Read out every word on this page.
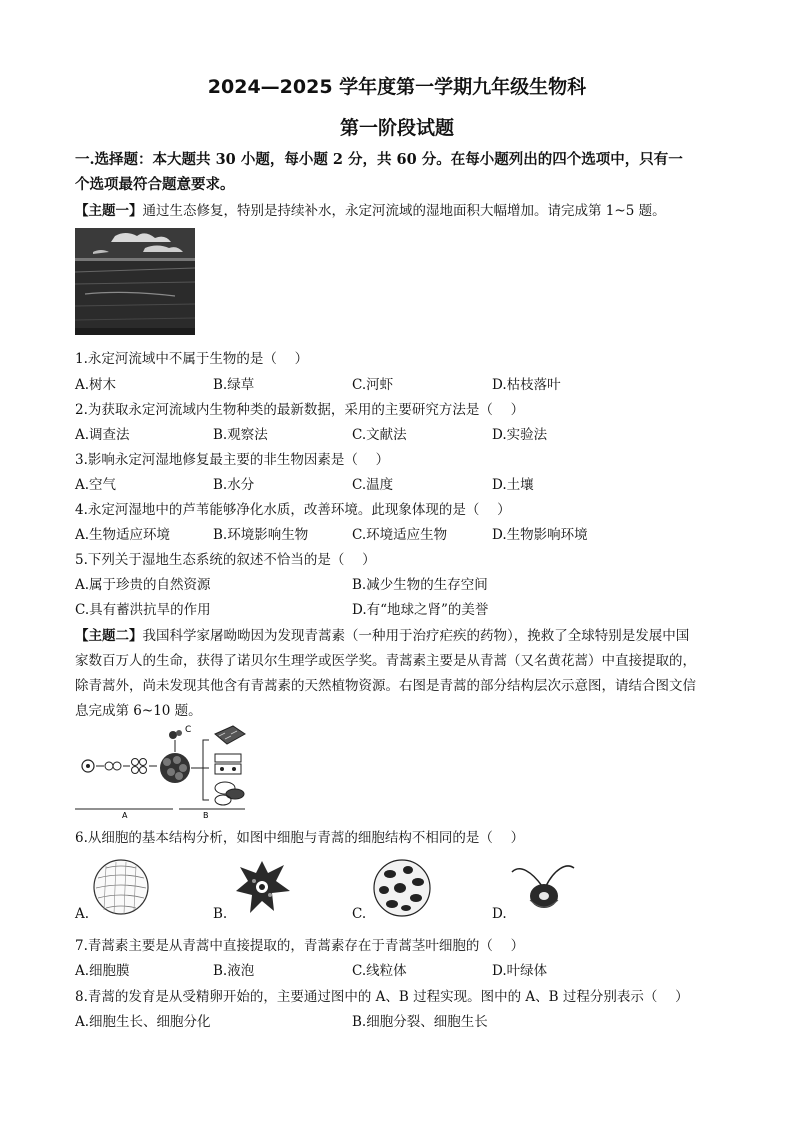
2024—2025 学年度第一学期九年级生物科
第一阶段试题
一.选择题：本大题共 30 小题，每小题 2 分，共 60 分。在每小题列出的四个选项中，只有一
个选项最符合题意要求。
【主题一】通过生态修复，特别是持续补水，永定河流域的湿地面积大幅增加。请完成第 1~5 题。
1.永定河流域中不属于生物的是（　 ）
A.树木	B.绿草	C.河虾	D.枯枝落叶
2.为获取永定河流域内生物种类的最新数据，采用的主要研究方法是（　 ）
A.调查法	B.观察法	C.文献法	D.实验法
3.影响永定河湿地修复最主要的非生物因素是（　 ）
A.空气	B.水分	C.温度	D.土壤
4.永定河湿地中的芦苇能够净化水质，改善环境。此现象体现的是（　 ）
A.生物适应环境	B.环境影响生物	C.环境适应生物	D.生物影响环境
5.下列关于湿地生态系统的叙述不恰当的是（　 ）
A.属于珍贵的自然资源	B.减少生物的生存空间
C.具有蓄洪抗旱的作用	D.有“地球之肾”的美誉
【主题二】我国科学家屠呦呦因为发现青蒿素（一种用于治疗疟疾的药物），挽救了全球特别是发展中国
家数百万人的生命，获得了诺贝尔生理学或医学奖。青蒿素主要是从青蒿（又名黄花蒿）中直接提取的，
除青蒿外，尚未发现其他含有青蒿素的天然植物资源。右图是青蒿的部分结构层次示意图，请结合图文信
息完成第 6~10 题。
C
A	B
6.从细胞的基本结构分析，如图中细胞与青蒿的细胞结构不相同的是（　 ）
A.	B.	C.	D.
7.青蒿素主要是从青蒿中直接提取的，青蒿素存在于青蒿茎叶细胞的（　 ）
A.细胞膜	B.液泡	C.线粒体	D.叶绿体
8.青蒿的发育是从受精卵开始的，主要通过图中的 A、B 过程实现。图中的 A、B 过程分别表示（　 ）
A.细胞生长、细胞分化	B.细胞分裂、细胞生长
